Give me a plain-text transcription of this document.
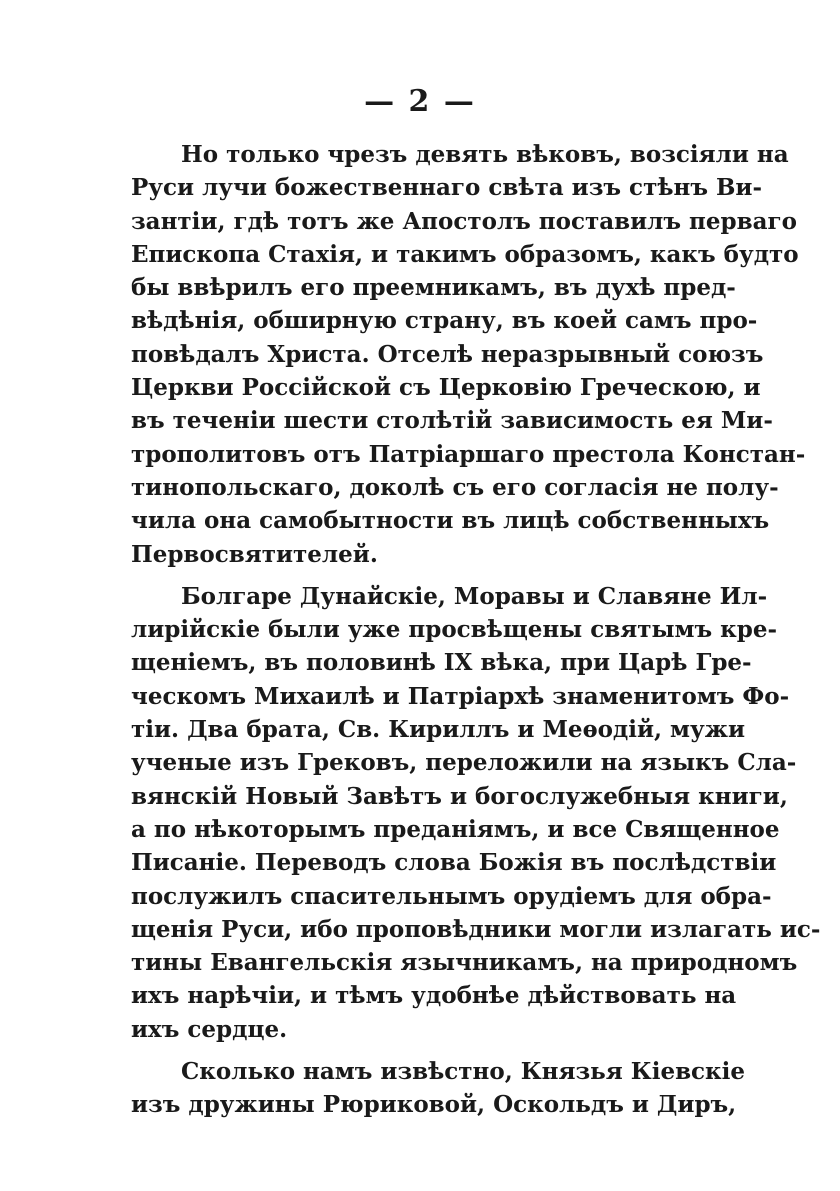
— 2 —
Но только чрезъ девять вѣковъ, возсіяли на
Руси лучи божественнаго свѣта изъ стѣнъ Ви-
зантіи, гдѣ тотъ же Апостолъ поставилъ перваго
Епископа Стахія, и такимъ образомъ, какъ будто
бы ввѣрилъ его преемникамъ, въ духѣ пред-
вѣдѣнія, обширную страну, въ коей самъ про-
повѣдалъ Христа. Отселѣ неразрывный союзъ
Церкви Россійской съ Церковію Греческою, и
въ теченіи шести столѣтій зависимость ея Ми-
трополитовъ отъ Патріаршаго престола Констан-
тинопольскаго, доколѣ съ его согласія не полу-
чила она самобытности въ лицѣ собственныхъ
Первосвятителей.
Болгаре Дунайскіе, Моравы и Славяне Ил-
лирійскіе были уже просвѣщены святымъ кре-
щеніемъ, въ половинѣ IX вѣка, при Царѣ Гре-
ческомъ Михаилѣ и Патріархѣ знаменитомъ Фо-
тіи. Два брата, Св. Кириллъ и Меѳодій, мужи
ученые изъ Грековъ, переложили на языкъ Сла-
вянскій Новый Завѣтъ и богослужебныя книги,
а по нѣкоторымъ преданіямъ, и все Священное
Писаніе. Переводъ слова Божія въ послѣдствіи
послужилъ спасительнымъ орудіемъ для обра-
щенія Руси, ибо проповѣдники могли излагать ис-
тины Евангельскія язычникамъ, на природномъ
ихъ нарѣчіи, и тѣмъ удобнѣе дѣйствовать на
ихъ сердце.
Сколько намъ извѣстно, Князья Кіевскіе
изъ дружины Рюриковой, Оскольдъ и Диръ,
